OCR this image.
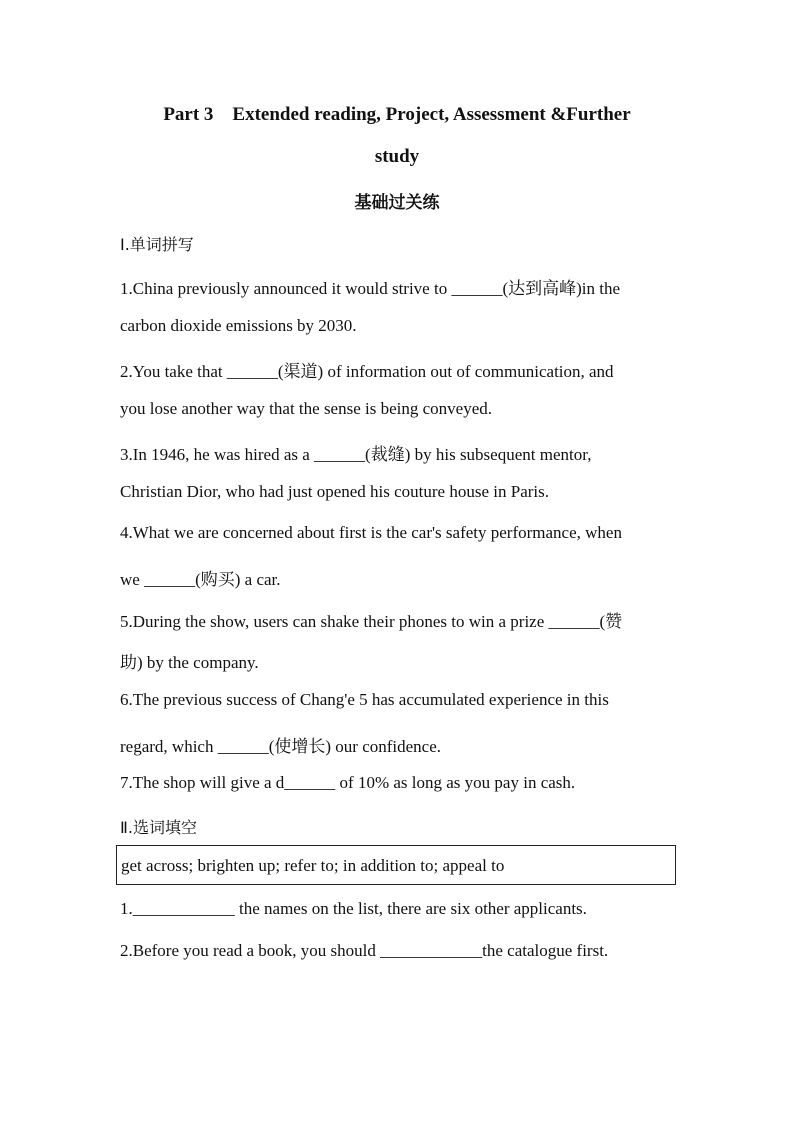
Part 3    Extended reading, Project, Assessment &Further
study
基础过关练
Ⅰ.单词拼写
1.China previously announced it would strive to ______(达到高峰)in the
carbon dioxide emissions by 2030.
2.You take that ______(渠道) of information out of communication, and
you lose another way that the sense is being conveyed.
3.In 1946, he was hired as a ______(裁缝) by his subsequent mentor,
Christian Dior, who had just opened his couture house in Paris.
4.What we are concerned about first is the car's safety performance, when
we ______(购买) a car.
5.During the show, users can shake their phones to win a prize ______(赞
助) by the company.
6.The previous success of Chang'e 5 has accumulated experience in this
regard, which ______(使增长) our confidence.
7.The shop will give a d______ of 10% as long as you pay in cash.
Ⅱ.选词填空
get across; brighten up; refer to; in addition to; appeal to
1.____________ the names on the list, there are six other applicants.
2.Before you read a book, you should ____________the catalogue first.
